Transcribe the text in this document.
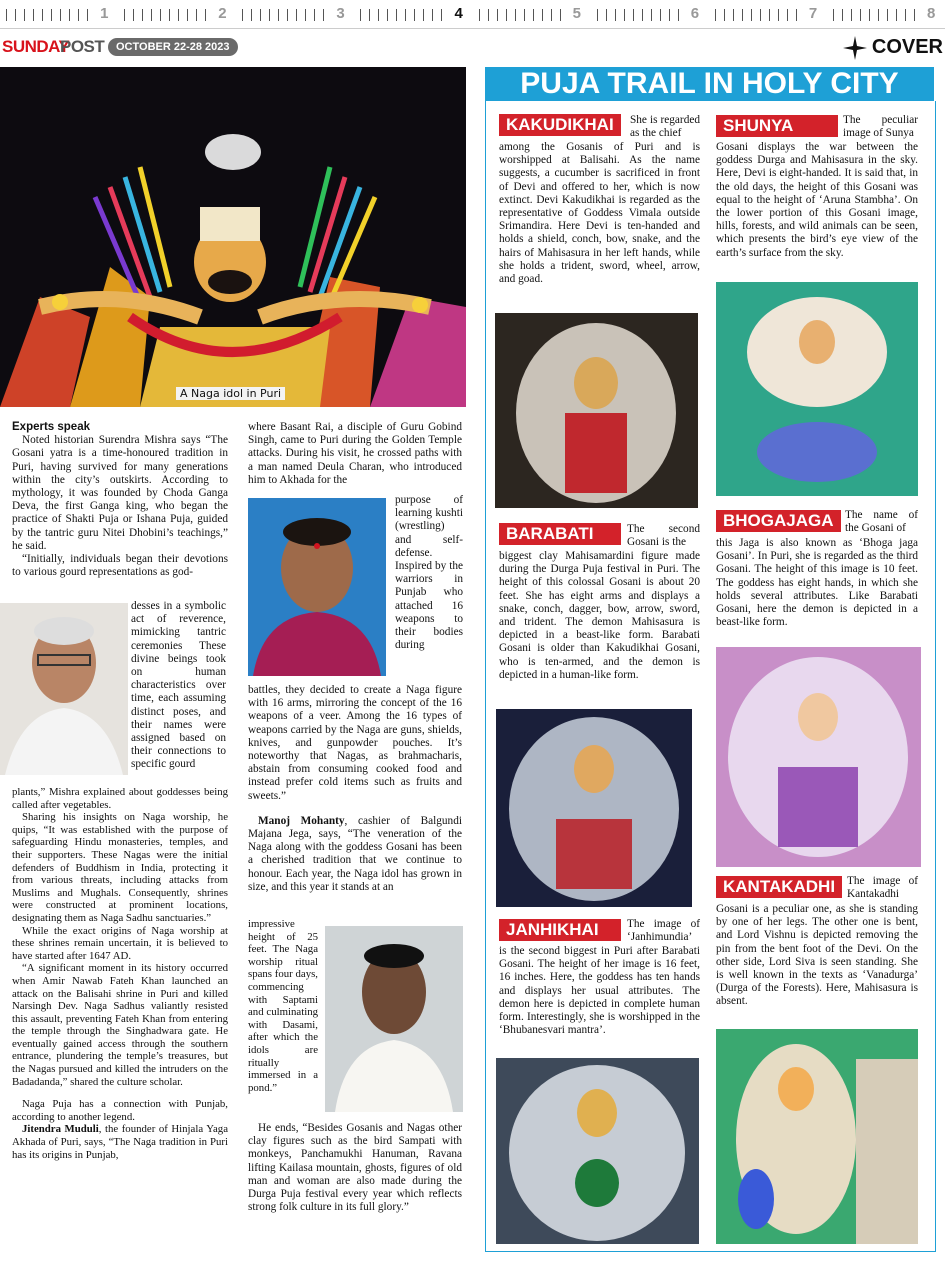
1	2	3	4	5	6	7	8
SUNDAY
POST	OCTOBER 22-28 2023	COVER
A Naga idol in Puri
Experts speak

Noted historian Surendra Mishra says “The Gosani yatra is a time-honoured tradition in Puri, having survived for many generations within the city’s outskirts. According to mythology, it was founded by Choda Ganga Deva, the first Ganga king, who began the practice of Shakti Puja or Ishana Puja, guided by the tantric guru Nitei Dhobini’s teachings,” he said.

“Initially, individuals began their devotions to various gourd representations as god-

desses in a symbolic act of reverence, mimicking tantric ceremonies These divine beings took on human characteristics over time, each assuming distinct poses, and their names were assigned based on their connections to specific gourd

plants,” Mishra explained about goddesses being called after vegetables.

Sharing his insights on Naga worship, he quips, “It was established with the purpose of safeguarding Hindu monasteries, temples, and their supporters. These Nagas were the initial defenders of Buddhism in India, protecting it from various threats, including attacks from Muslims and Mughals. Consequently, shrines were constructed at prominent locations, designating them as Naga Sadhu sanctuaries.”

While the exact origins of Naga worship at these shrines remain uncertain, it is believed to have started after 1647 AD.

“A significant moment in its history occurred when Amir Nawab Fateh Khan launched an attack on the Balisahi shrine in Puri and killed Narsingh Dev. Naga Sadhus valiantly resisted this assault, preventing Fateh Khan from entering the temple through the Singhadwara gate. He eventually gained access through the southern entrance, plundering the temple’s treasures, but the Nagas pursued and killed the intruders on the Badadanda,” shared the culture scholar.

Naga Puja has a connection with Punjab, according to another legend.

Jitendra Muduli, the founder of Hinjala Yaga Akhada of Puri, says, “The Naga tradition in Puri has its origins in Punjab,

where Basant Rai, a disciple of Guru Gobind Singh, came to Puri during the Golden Temple attacks. During his visit, he crossed paths with a man named Deula Charan, who introduced him to Akhada for the

purpose of learning kushti (wrestling) and self-defense. Inspired by the warriors in Punjab who attached 16 weapons to their bodies during

battles, they decided to create a Naga figure with 16 arms, mirroring the concept of the 16 weapons of a veer. Among the 16 types of weapons carried by the Naga are guns, shields, knives, and gunpowder pouches. It’s noteworthy that Nagas, as brahmacharis, abstain from consuming cooked food and instead prefer cold items such as fruits and sweets.”

Manoj Mohanty, cashier of Balgundi Majana Jega, says, “The veneration of the Naga along with the goddess Gosani has been a cherished tradition that we continue to honour. Each year, the Naga idol has grown in size, and this year it stands at an

impressive height of 25 feet. The Naga worship ritual spans four days, commencing with Saptami and culminating with Dasami, after which the idols are ritually immersed in a pond.”

He ends, “Besides Gosanis and Nagas other clay figures such as the bird Sampati with monkeys, Panchamukhi Hanuman, Ravana lifting Kailasa mountain, ghosts, figures of old man and woman are also made during the Durga Puja festival every year which reflects strong folk culture in its full glory.”

PUJA TRAIL IN HOLY CITY
KAKUDIKHAI	She is regarded as the chief
among the Gosanis of Puri and is worshipped at Balisahi. As the name suggests, a cucumber is sacrificed in front of Devi and offered to her, which is now extinct. Devi Kakudikhai is regarded as the representative of Goddess Vimala outside Srimandira. Here Devi is ten-handed and holds a shield, conch, bow, snake, and the hairs of Mahisasura in her left hands, while she holds a trident, sword, wheel, arrow, and goad.
SHUNYA	The peculiar image of Sunya
Gosani displays the war between the goddess Durga and Mahisasura in the sky. Here, Devi is eight-handed. It is said that, in the old days, the height of this Gosani was equal to the height of ‘Aruna Stambha’. On the lower portion of this Gosani image, hills, forests, and wild animals can be seen, which presents the bird’s eye view of the earth’s surface from the sky.
BARABATI	The second Gosani is the
biggest clay Mahisamardini figure made during the Durga Puja festival in Puri. The height of this colossal Gosani is about 20 feet. She has eight arms and displays a snake, conch, dagger, bow, arrow, sword, and trident. The demon Mahisasura is depicted in a beast-like form. Barabati Gosani is older than Kakudikhai Gosani, who is ten-armed, and the demon is depicted in a human-like form.
BHOGAJAGA	The name of the Gosani of
this Jaga is also known as ‘Bhoga jaga Gosani’. In Puri, she is regarded as the third Gosani. The height of this image is 10 feet. The goddess has eight hands, in which she holds several attributes. Like Barabati Gosani, here the demon is depicted in a beast-like form.
JANHIKHAI	The image of ‘Janhimundia’
is the second biggest in Puri after Barabati Gosani. The height of her image is 16 feet, 16 inches. Here, the goddess has ten hands and displays her usual attributes. The demon here is depicted in complete human form. Interestingly, she is worshipped in the ‘Bhubanesvari mantra’.
KANTAKADHI	The image of Kantakadhi
Gosani is a peculiar one, as she is standing by one of her legs. The other one is bent, and Lord Vishnu is depicted removing the pin from the bent foot of the Devi. On the other side, Lord Siva is seen standing. She is well known in the texts as ‘Vanadurga’ (Durga of the Forests). Here, Mahisasura is absent.
